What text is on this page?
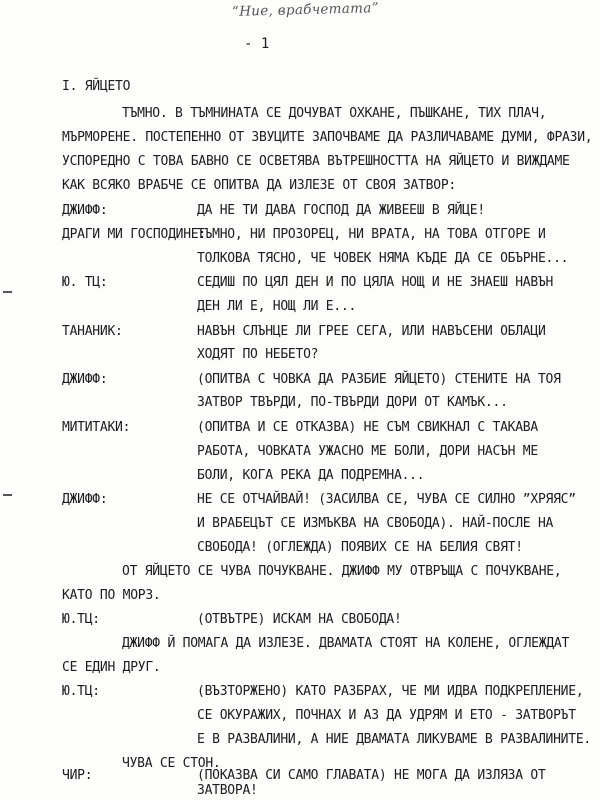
“Ние, врабчетата”
- 1
I. ЯЙЦЕТО
ТЪМНО. В ТЪМНИНАТА СЕ ДОЧУВАТ ОХКАНЕ, ПЪШКАНЕ, ТИХ ПЛАЧ,
МЪРМОРЕНЕ. ПОСТЕПЕННО ОТ ЗВУЦИТЕ ЗАПОЧВАМЕ ДА РАЗЛИЧАВАМЕ ДУМИ, ФРАЗИ,
УСПОРЕДНО С ТОВА БАВНО СЕ ОСВЕТЯВА ВЪТРЕШНОСТТА НА ЯЙЦЕТО И ВИЖДАМЕ
КАК ВСЯКО ВРАБЧЕ СЕ ОПИТВА ДА ИЗЛЕЗЕ ОТ СВОЯ ЗАТВОР:
ДЖИФФ:	ДА НЕ ТИ ДАВА ГОСПОД ДА ЖИВЕЕШ В ЯЙЦЕ!
ДРАГИ МИ ГОСПОДИНЕ:
ТЪМНО, НИ ПРОЗОРЕЦ, НИ ВРАТА, НА ТОВА ОТГОРЕ И
ТОЛКОВА ТЯСНО, ЧЕ ЧОВЕК НЯМА КЪДЕ ДА СЕ ОБЪРНЕ...
Ю. ТЦ:	СЕДИШ ПО ЦЯЛ ДЕН И ПО ЦЯЛА НОЩ И НЕ ЗНАЕШ НАВЪН
ДЕН ЛИ Е, НОЩ ЛИ Е...
ТАНАНИК:	НАВЪН СЛЪНЦЕ ЛИ ГРЕЕ СЕГА, ИЛИ НАВЪСЕНИ ОБЛАЦИ
ХОДЯТ ПО НЕБЕТО?
ДЖИФФ:	(ОПИТВА С ЧОВКА ДА РАЗБИЕ ЯЙЦЕТО) СТЕНИТЕ НА ТОЯ
ЗАТВОР ТВЪРДИ, ПО-ТВЪРДИ ДОРИ ОТ КАМЪК...
МИТИТАКИ:	(ОПИТВА И СЕ ОТКАЗВА) НЕ СЪМ СВИКНАЛ С ТАКАВА
РАБОТА, ЧОВКАТА УЖАСНО МЕ БОЛИ, ДОРИ НАСЪН МЕ
БОЛИ, КОГА РЕКА ДА ПОДРЕМНА...
ДЖИФФ:	НЕ СЕ ОТЧАЙВАЙ! (ЗАСИЛВА СЕ, ЧУВА СЕ СИЛНО ”ХРЯЯС”
И ВРАБЕЦЪТ СЕ ИЗМЪКВА НА СВОБОДА). НАЙ-ПОСЛЕ НА
СВОБОДА! (ОГЛЕЖДА) ПОЯВИХ СЕ НА БЕЛИЯ СВЯТ!
ОТ ЯЙЦЕТО СЕ ЧУВА ПОЧУКВАНЕ. ДЖИФФ МУ ОТВРЪЩА С ПОЧУКВАНЕ,
КАТО ПО МОРЗ.
Ю.ТЦ:	(ОТВЪТРЕ) ИСКАМ НА СВОБОДА!
ДЖИФФ Й ПОМАГА ДА ИЗЛЕЗЕ. ДВАМАТА СТОЯТ НА КОЛЕНЕ, ОГЛЕЖДАТ
СЕ ЕДИН ДРУГ.
Ю.ТЦ:	(ВЪЗТОРЖЕНО) КАТО РАЗБРАХ, ЧЕ МИ ИДВА ПОДКРЕПЛЕНИЕ,
СЕ ОКУРАЖИХ, ПОЧНАХ И АЗ ДА УДРЯМ И ЕТО - ЗАТВОРЪТ
Е В РАЗВАЛИНИ, А НИЕ ДВАМАТА ЛИКУВАМЕ В РАЗВАЛИНИТЕ.
ЧУВА СЕ СТОН.
ЧИР:	(ПОКАЗВА СИ САМО ГЛАВАТА) НЕ МОГА ДА ИЗЛЯЗА ОТ
ЗАТВОРА!
